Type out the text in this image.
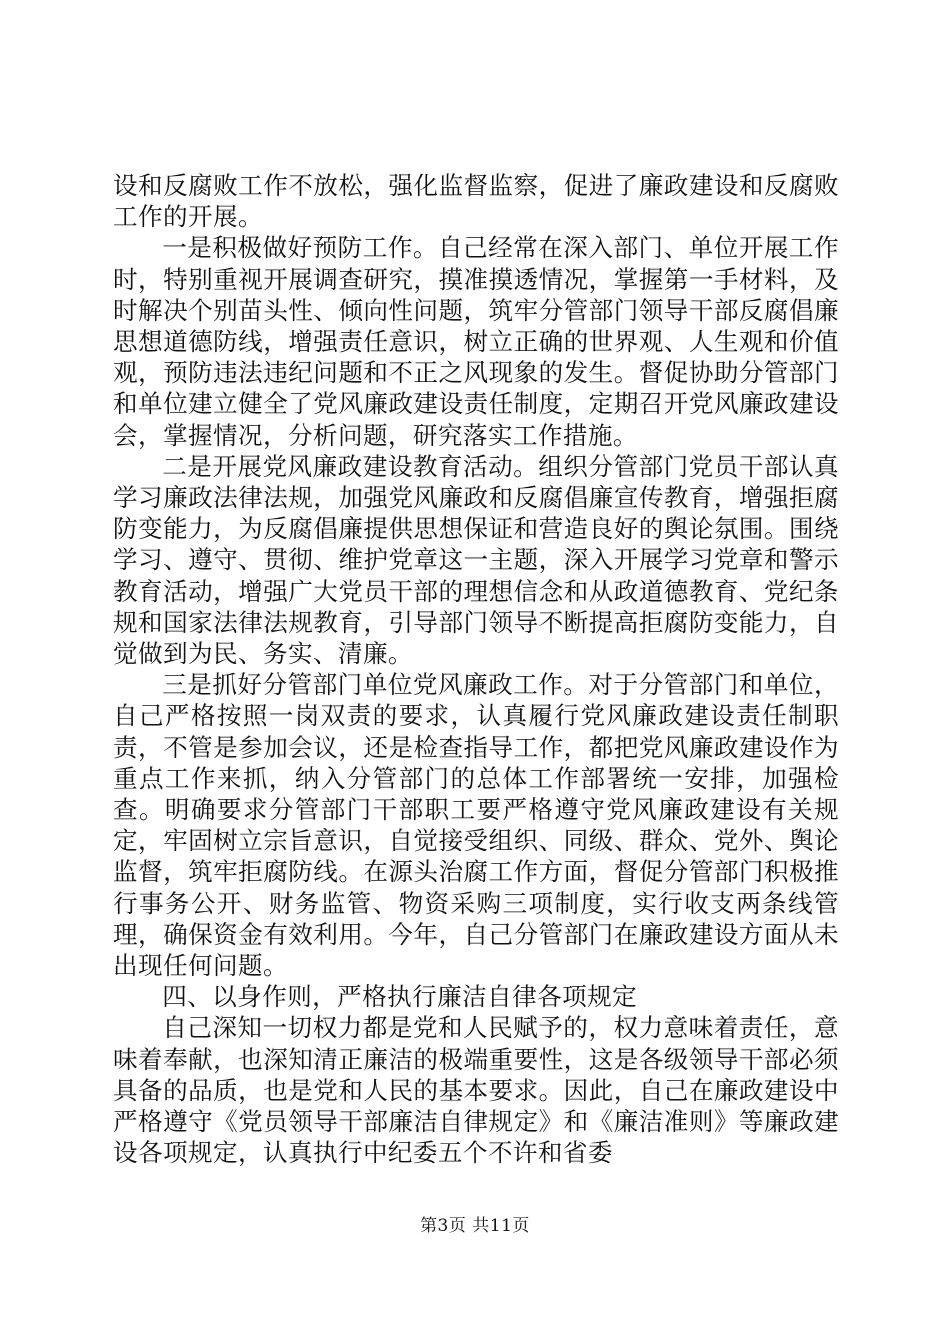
设和反腐败工作不放松，强化监督监察，促进了廉政建设和反腐败工作的开展。

一是积极做好预防工作。自己经常在深入部门、单位开展工作时，特别重视开展调查研究，摸准摸透情况，掌握第一手材料，及时解决个别苗头性、倾向性问题，筑牢分管部门领导干部反腐倡廉思想道德防线，增强责任意识，树立正确的世界观、人生观和价值观，预防违法违纪问题和不正之风现象的发生。督促协助分管部门和单位建立健全了党风廉政建设责任制度，定期召开党风廉政建设会，掌握情况，分析问题，研究落实工作措施。

二是开展党风廉政建设教育活动。组织分管部门党员干部认真学习廉政法律法规，加强党风廉政和反腐倡廉宣传教育，增强拒腐防变能力，为反腐倡廉提供思想保证和营造良好的舆论氛围。围绕学习、遵守、贯彻、维护党章这一主题，深入开展学习党章和警示教育活动，增强广大党员干部的理想信念和从政道德教育、党纪条规和国家法律法规教育，引导部门领导不断提高拒腐防变能力，自觉做到为民、务实、清廉。

三是抓好分管部门单位党风廉政工作。对于分管部门和单位，自己严格按照一岗双责的要求，认真履行党风廉政建设责任制职责，不管是参加会议，还是检查指导工作，都把党风廉政建设作为重点工作来抓，纳入分管部门的总体工作部署统一安排，加强检查。明确要求分管部门干部职工要严格遵守党风廉政建设有关规定，牢固树立宗旨意识，自觉接受组织、同级、群众、党外、舆论监督，筑牢拒腐防线。在源头治腐工作方面，督促分管部门积极推行事务公开、财务监管、物资采购三项制度，实行收支两条线管理，确保资金有效利用。今年，自己分管部门在廉政建设方面从未出现任何问题。

四、以身作则，严格执行廉洁自律各项规定

自己深知一切权力都是党和人民赋予的，权力意味着责任，意味着奉献，也深知清正廉洁的极端重要性，这是各级领导干部必须具备的品质，也是党和人民的基本要求。因此，自己在廉政建设中严格遵守《党员领导干部廉洁自律规定》和《廉洁准则》等廉政建设各项规定，认真执行中纪委五个不许和省委

第3页 共11页
